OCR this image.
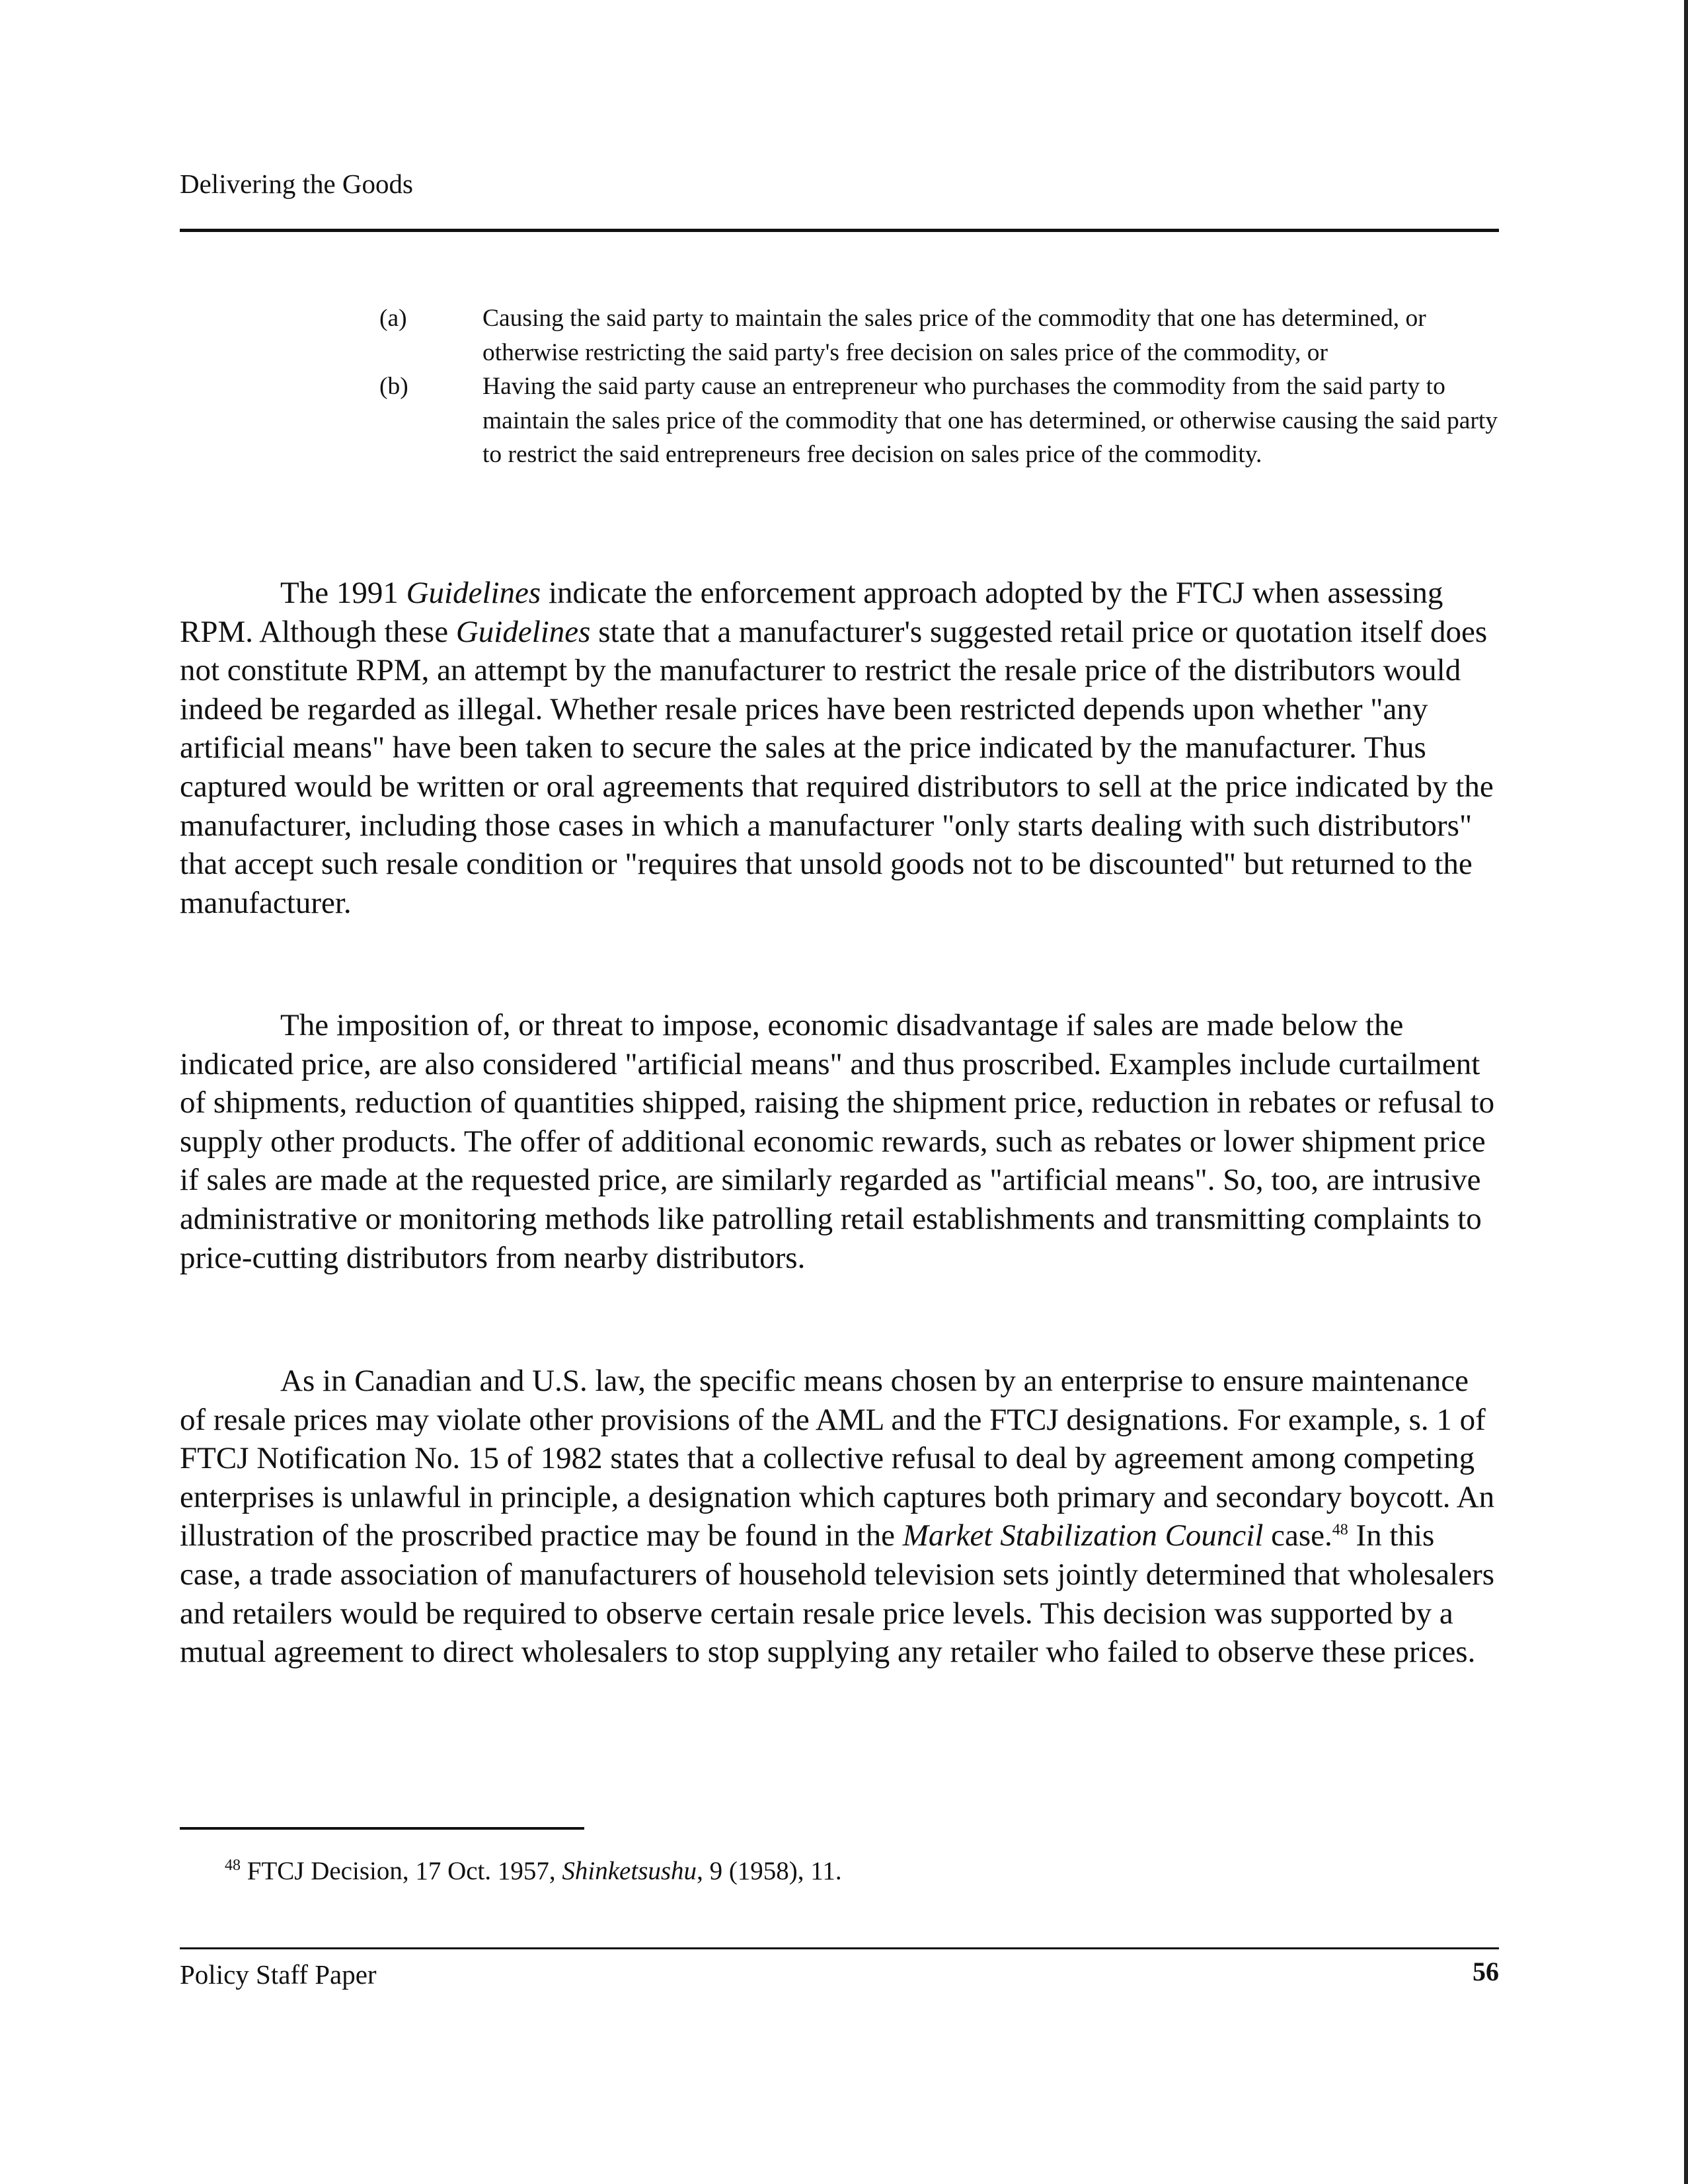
Delivering the Goods
(a)	Causing the said party to maintain the sales price of the commodity that one has determined, or otherwise restricting the said party's free decision on sales price of the commodity, or
(b)	Having the said party cause an entrepreneur who purchases the commodity from the said party to maintain the sales price of the commodity that one has determined, or otherwise causing the said party to restrict the said entrepreneurs free decision on sales price of the commodity.
The 1991 Guidelines indicate the enforcement approach adopted by the FTCJ when assessing RPM. Although these Guidelines state that a manufacturer's suggested retail price or quotation itself does not constitute RPM, an attempt by the manufacturer to restrict the resale price of the distributors would indeed be regarded as illegal. Whether resale prices have been restricted depends upon whether "any artificial means" have been taken to secure the sales at the price indicated by the manufacturer. Thus captured would be written or oral agreements that required distributors to sell at the price indicated by the manufacturer, including those cases in which a manufacturer "only starts dealing with such distributors" that accept such resale condition or "requires that unsold goods not to be discounted" but returned to the manufacturer.
The imposition of, or threat to impose, economic disadvantage if sales are made below the indicated price, are also considered "artificial means" and thus proscribed. Examples include curtailment of shipments, reduction of quantities shipped, raising the shipment price, reduction in rebates or refusal to supply other products. The offer of additional economic rewards, such as rebates or lower shipment price if sales are made at the requested price, are similarly regarded as "artificial means". So, too, are intrusive administrative or monitoring methods like patrolling retail establishments and transmitting complaints to price-cutting distributors from nearby distributors.
As in Canadian and U.S. law, the specific means chosen by an enterprise to ensure maintenance of resale prices may violate other provisions of the AML and the FTCJ designations. For example, s. 1 of FTCJ Notification No. 15 of 1982 states that a collective refusal to deal by agreement among competing enterprises is unlawful in principle, a designation which captures both primary and secondary boycott. An illustration of the proscribed practice may be found in the Market Stabilization Council case.$^{48}$ In this case, a trade association of manufacturers of household television sets jointly determined that wholesalers and retailers would be required to observe certain resale price levels. This decision was supported by a mutual agreement to direct wholesalers to stop supplying any retailer who failed to observe these prices.
$^{48}$ FTCJ Decision, 17 Oct. 1957, Shinketsushu, 9 (1958), 11.
Policy Staff Paper	56
